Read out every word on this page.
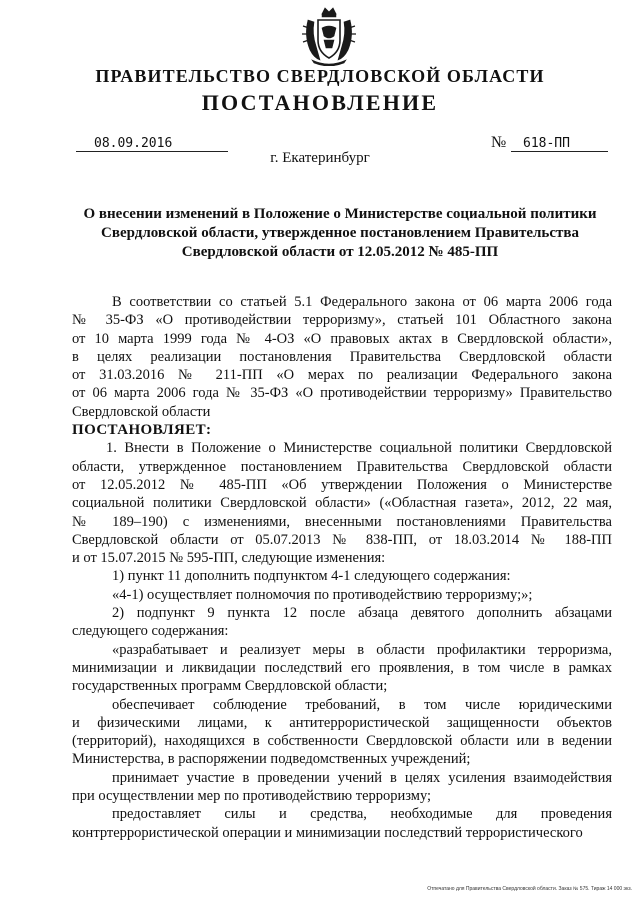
ПРАВИТЕЛЬСТВО СВЕРДЛОВСКОЙ ОБЛАСТИ
ПОСТАНОВЛЕНИЕ
08.09.2016	№	618-ПП
г. Екатеринбург
О внесении изменений в Положение о Министерстве социальной политики
Свердловской области, утвержденное постановлением Правительства
Свердловской области от 12.05.2012 № 485-ПП
В соответствии со статьей 5.1 Федерального закона от 06 марта 2006 года
№ 35-ФЗ «О противодействии терроризму», статьей 101 Областного закона
от 10 марта 1999 года № 4-ОЗ «О правовых актах в Свердловской области»,
в целях реализации постановления Правительства Свердловской области
от 31.03.2016 № 211-ПП «О мерах по реализации Федерального закона
от 06 марта 2006 года № 35-ФЗ «О противодействии терроризму» Правительство
Свердловской области
ПОСТАНОВЛЯЕТ:
1. Внести в Положение о Министерстве социальной политики Свердловской
области, утвержденное постановлением Правительства Свердловской области
от 12.05.2012 № 485-ПП «Об утверждении Положения о Министерстве
социальной политики Свердловской области» («Областная газета», 2012, 22 мая,
№ 189–190) с изменениями, внесенными постановлениями Правительства
Свердловской области от 05.07.2013 № 838-ПП, от 18.03.2014 № 188-ПП
и от 15.07.2015 № 595-ПП, следующие изменения:
1) пункт 11 дополнить подпунктом 4-1 следующего содержания:
«4-1) осуществляет полномочия по противодействию терроризму;»;
2) подпункт 9 пункта 12 после абзаца девятого дополнить абзацами
следующего содержания:
«разрабатывает и реализует меры в области профилактики терроризма,
минимизации и ликвидации последствий его проявления, в том числе в рамках
государственных программ Свердловской области;
обеспечивает соблюдение требований, в том числе юридическими
и физическими лицами, к антитеррористической защищенности объектов
(территорий), находящихся в собственности Свердловской области или в ведении
Министерства, в распоряжении подведомственных учреждений;
принимает участие в проведении учений в целях усиления взаимодействия
при осуществлении мер по противодействию терроризму;
предоставляет силы и средства, необходимые для проведения
контртеррористической операции и минимизации последствий террористического
Отпечатано для Правительства Свердловской области. Заказ № 575. Тираж 14 000 экз.
